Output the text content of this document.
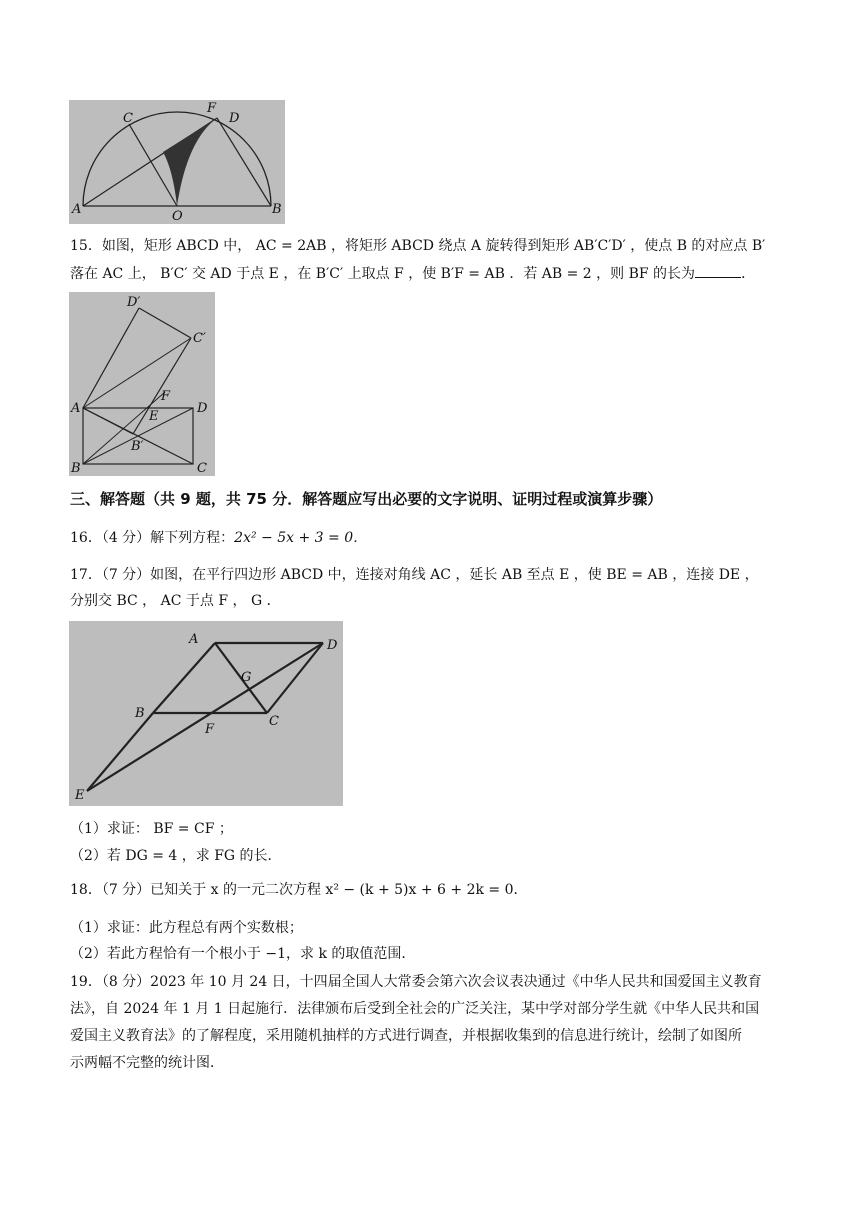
A	B
C	D
F
O
15．如图，矩形 ABCD 中， AC = 2AB ，将矩形 ABCD 绕点 A 旋转得到矩形 AB′C′D′ ，使点 B 的对应点 B′
落在 AC 上， B′C′ 交 AD 于点 E ，在 B′C′ 上取点 F ，使 B′F = AB ．若 AB = 2 ，则 BF 的长为	．
D′
C′
A	D
F
E
B′
B	C
三、解答题（共 9 题，共 75 分．解答题应写出必要的文字说明、证明过程或演算步骤）
16．（4 分）解下列方程：2x² − 5x + 3 = 0．
17．（7 分）如图，在平行四边形 ABCD 中，连接对角线 AC ，延长 AB 至点 E ，使 BE = AB ，连接 DE ，
分别交 BC ， AC 于点 F ， G ．
A	D
G
B
C
F
E
（1）求证： BF = CF ；
（2）若 DG = 4 ，求 FG 的长．
18．（7 分）已知关于 x 的一元二次方程 x² − (k + 5)x + 6 + 2k = 0．
（1）求证：此方程总有两个实数根；
（2）若此方程恰有一个根小于 −1，求 k 的取值范围．
19．（8 分）2023 年 10 月 24 日，十四届全国人大常委会第六次会议表决通过《中华人民共和国爱国主义教育
法》，自 2024 年 1 月 1 日起施行．法律颁布后受到全社会的广泛关注，某中学对部分学生就《中华人民共和国
爱国主义教育法》的了解程度，采用随机抽样的方式进行调查，并根据收集到的信息进行统计，绘制了如图所
示两幅不完整的统计图．
